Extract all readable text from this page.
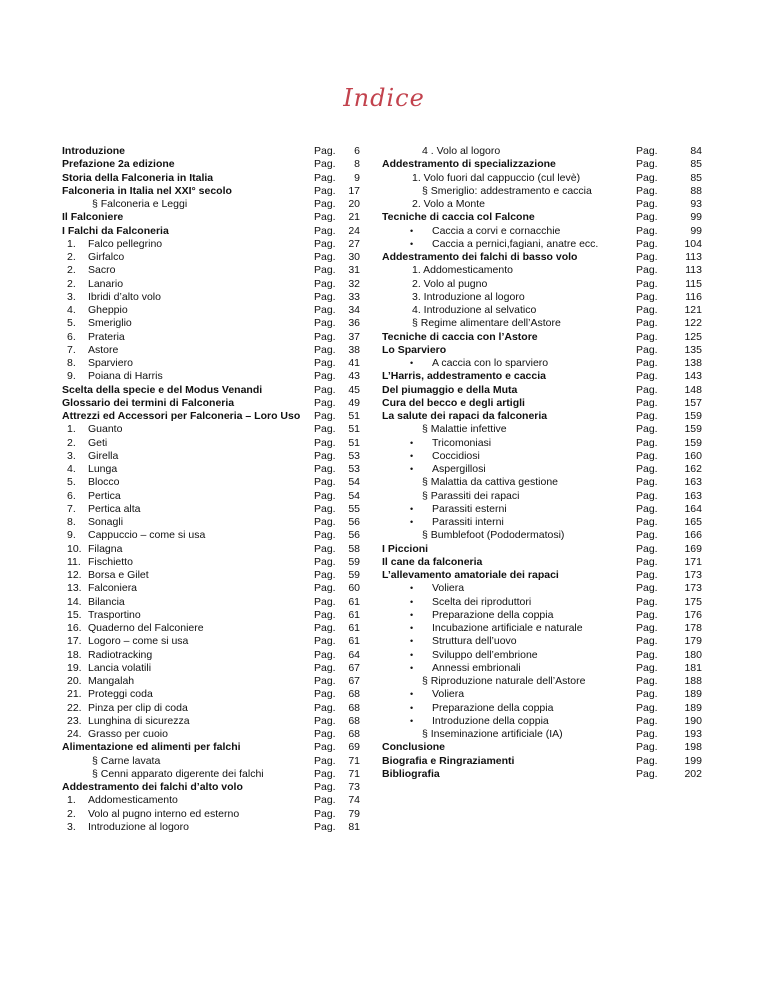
Indice
Introduzione	Pag.	6
Prefazione 2a edizione	Pag.	8
Storia della Falconeria in Italia	Pag.	9
Falconeria in Italia nel XXI° secolo	Pag.	17
§ Falconeria e Leggi	Pag.	20
Il Falconiere	Pag.	21
I Falchi da Falconeria	Pag.	24
1. Falco pellegrino	Pag.	27
2. Girfalco	Pag.	30
2. Sacro	Pag.	31
2. Lanario	Pag.	32
3. Ibridi d’alto volo	Pag.	33
4. Gheppio	Pag.	34
5. Smeriglio	Pag.	36
6. Prateria	Pag.	37
7. Astore	Pag.	38
8. Sparviero	Pag.	41
9. Poiana di Harris	Pag.	43
Scelta della specie e del Modus Venandi	Pag.	45
Glossario dei termini di Falconeria	Pag.	49
Attrezzi ed Accessori per Falconeria – Loro Uso Pag.	51
1. Guanto	Pag.	51
2. Geti	Pag.	51
3. Girella	Pag.	53
4. Lunga	Pag.	53
5. Blocco	Pag.	54
6. Pertica	Pag.	54
7. Pertica alta	Pag.	55
8. Sonagli	Pag.	56
9. Cappuccio – come si usa	Pag.	56
10. Filagna	Pag.	58
11. Fischietto	Pag.	59
12. Borsa e Gilet	Pag.	59
13. Falconiera	Pag.	60
14. Bilancia	Pag.	61
15. Trasportino	Pag.	61
16. Quaderno del Falconiere	Pag.	61
17. Logoro – come si usa	Pag.	61
18. Radiotracking	Pag.	64
19. Lancia volatili	Pag.	67
20. Mangalah	Pag.	67
21. Proteggi coda	Pag.	68
22. Pinza per clip di coda	Pag.	68
23. Lunghina di sicurezza	Pag.	68
24. Grasso per cuoio	Pag.	68
Alimentazione ed alimenti per falchi	Pag.	69
§ Carne lavata	Pag.	71
§ Cenni apparato digerente dei falchi	Pag.	71
Addestramento dei falchi d’alto volo	Pag.	73
1. Addomesticamento	Pag.	74
2. Volo al pugno interno ed esterno	Pag.	79
3. Introduzione al logoro	Pag.	81
4 . Volo al logoro	Pag.	84
Addestramento di specializzazione	Pag.	85
1. Volo fuori dal cappuccio (cul levè)	Pag.	85
§ Smeriglio: addestramento e caccia	Pag.	88
2. Volo a Monte	Pag.	93
Tecniche di caccia col Falcone	Pag.	99
• Caccia a corvi e cornacchie	Pag.	99
• Caccia a pernici,fagiani, anatre ecc.	Pag.	104
Addestramento dei falchi di basso volo	Pag.	113
1. Addomesticamento	Pag.	113
2. Volo al pugno	Pag.	115
3. Introduzione al logoro	Pag.	116
4. Introduzione al selvatico	Pag.	121
§ Regime alimentare dell’Astore	Pag.	122
Tecniche di caccia con l’Astore	Pag.	125
Lo Sparviero	Pag.	135
• A caccia con lo sparviero	Pag.	138
L’Harris, addestramento e caccia	Pag.	143
Del piumaggio e della Muta	Pag.	148
Cura del becco e degli artigli	Pag.	157
La salute dei rapaci da falconeria	Pag.	159
§ Malattie infettive	Pag.	159
• Tricomoniasi	Pag.	159
• Coccidiosi	Pag.	160
• Aspergillosi	Pag.	162
§ Malattia da cattiva gestione	Pag.	163
§ Parassiti dei rapaci	Pag.	163
• Parassiti esterni	Pag.	164
• Parassiti interni	Pag.	165
§ Bumblefoot (Pododermatosi)	Pag.	166
I Piccioni	Pag.	169
Il cane da falconeria	Pag.	171
L’allevamento amatoriale dei rapaci	Pag.	173
• Voliera	Pag.	173
• Scelta dei riproduttori	Pag.	175
• Preparazione della coppia	Pag.	176
• Incubazione artificiale e naturale	Pag.	178
• Struttura dell’uovo	Pag.	179
• Sviluppo dell’embrione	Pag.	180
• Annessi embrionali	Pag.	181
§ Riproduzione naturale dell’Astore	Pag.	188
• Voliera	Pag.	189
• Preparazione della coppia	Pag.	189
• Introduzione della coppia	Pag.	190
§ Inseminazione artificiale (IA)	Pag.	193
Conclusione	Pag.	198
Biografia e Ringraziamenti	Pag.	199
Bibliografia	Pag.	202
